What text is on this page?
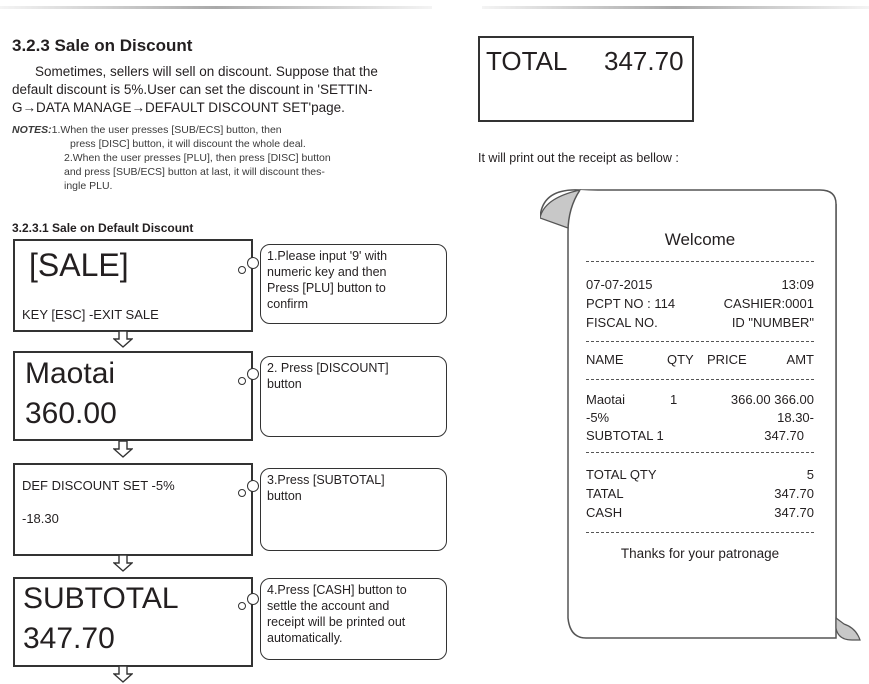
3.2.3 Sale on Discount
Sometimes, sellers will sell on discount. Suppose that the
default discount is 5%.User can set the discount in 'SETTIN-
G→DATA MANAGE→DEFAULT DISCOUNT SET'page.
NOTES:1.When the user presses [SUB/ECS] button, then
press [DISC] button, it will discount the whole deal.
2.When the user presses [PLU], then press [DISC] button
and press [SUB/ECS] button at last, it will discount thes-
ingle PLU.
3.2.3.1 Sale on Default Discount
[SALE]
KEY [ESC] -EXIT SALE
1.Please input '9' with
numeric key and then
Press [PLU] button to
confirm
Maotai
360.00
2. Press [DISCOUNT]
button
DEF DISCOUNT SET -5%
-18.30
3.Press [SUBTOTAL]
button
SUBTOTAL
347.70
4.Press [CASH] button to
settle the account and
receipt will be printed out
automatically.
TOTAL 347.70
It will print out the receipt as bellow :
Welcome
07-07-2015	13:09
PCPT NO : 114	CASHIER:0001
FISCAL NO.	ID "NUMBER"
NAME	QTY PRICE	AMT
Maotai	1	366.00 366.00
-5%	18.30-
SUBTOTAL 1	347.70
TOTAL QTY	5
TATAL	347.70
CASH	347.70
Thanks for your patronage
